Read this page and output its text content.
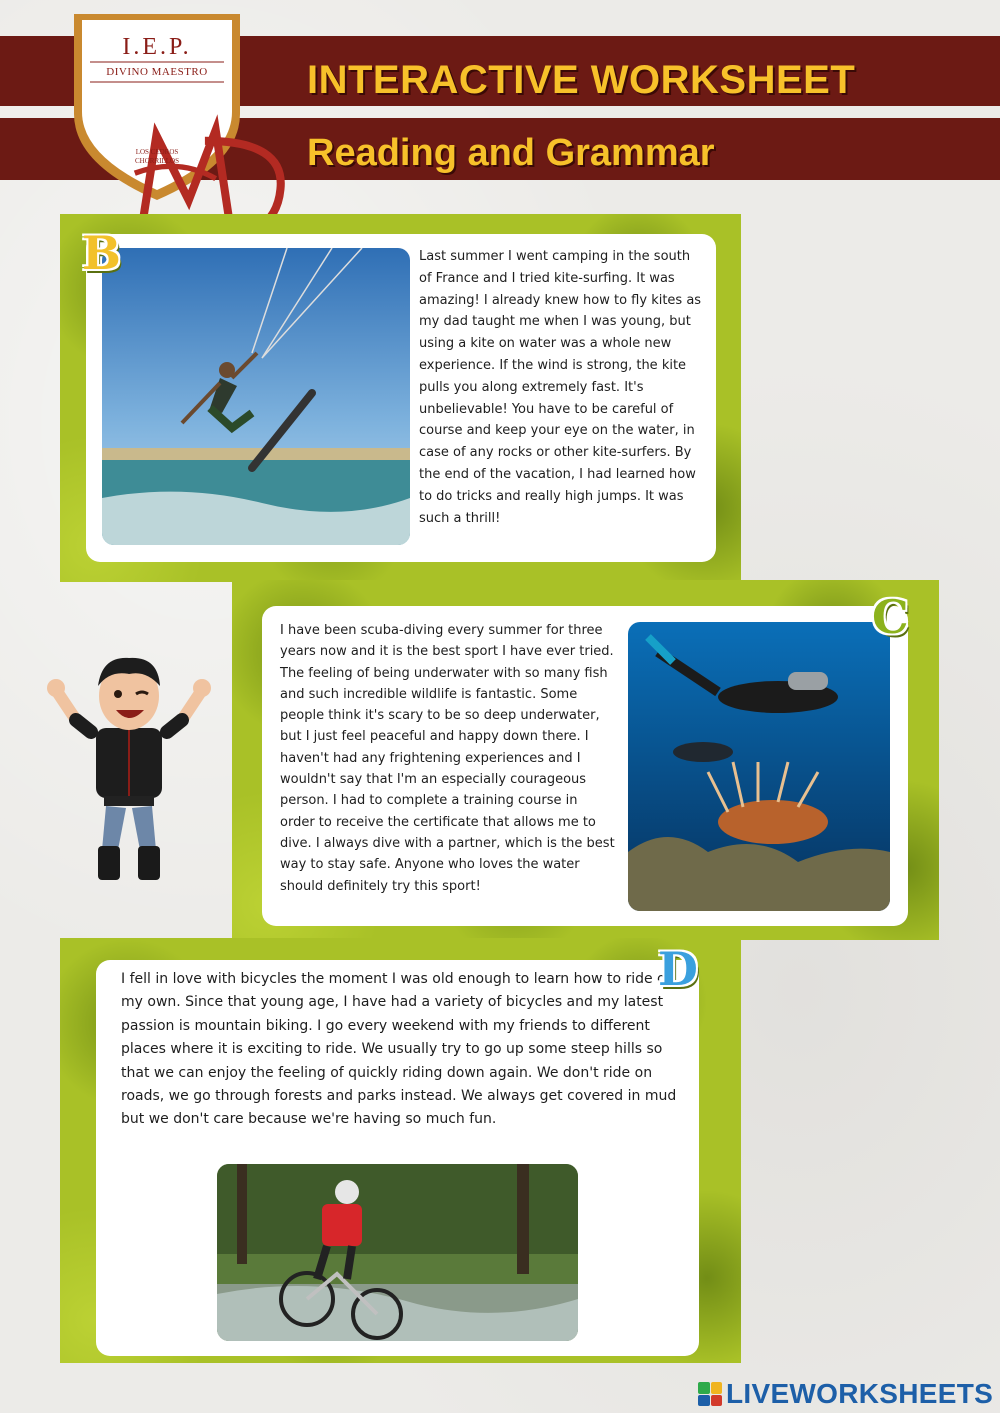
INTERACTIVE WORKSHEET
Reading and Grammar
I.E.P.
DIVINO MAESTRO
LOS CEDROS
CHORRILLOS
B	Last summer I went camping in the south of France and I tried kite-surfing. It was amazing! I already knew how to fly kites as my dad taught me when I was young, but using a kite on water was a whole new experience. If the wind is strong, the kite pulls you along extremely fast. It's unbelievable! You have to be careful of course and keep your eye on the water, in case of any rocks or other kite-surfers. By the end of the vacation, I had learned how to do tricks and really high jumps. It was such a thrill!
I have been scuba-diving every summer for three years now and it is the best sport I have ever tried. The feeling of being underwater with so many fish and such incredible wildlife is fantastic. Some people think it's scary to be so deep underwater, but I just feel peaceful and happy down there. I haven't had any frightening experiences and I wouldn't say that I'm an especially courageous person. I had to complete a training course in order to receive the certificate that allows me to dive. I always dive with a partner, which is the best way to stay safe. Anyone who loves the water should definitely try this sport!
C
I fell in love with bicycles the moment I was old enough to learn how to ride on my own. Since that young age, I have had a variety of bicycles and my latest passion is mountain biking. I go every weekend with my friends to different places where it is exciting to ride. We usually try to go up some steep hills so that we can enjoy the feeling of quickly riding down again. We don't ride on roads, we go through forests and parks instead. We always get covered in mud but we don't care because we're having so much fun.
D
LIVEWORKSHEETS
